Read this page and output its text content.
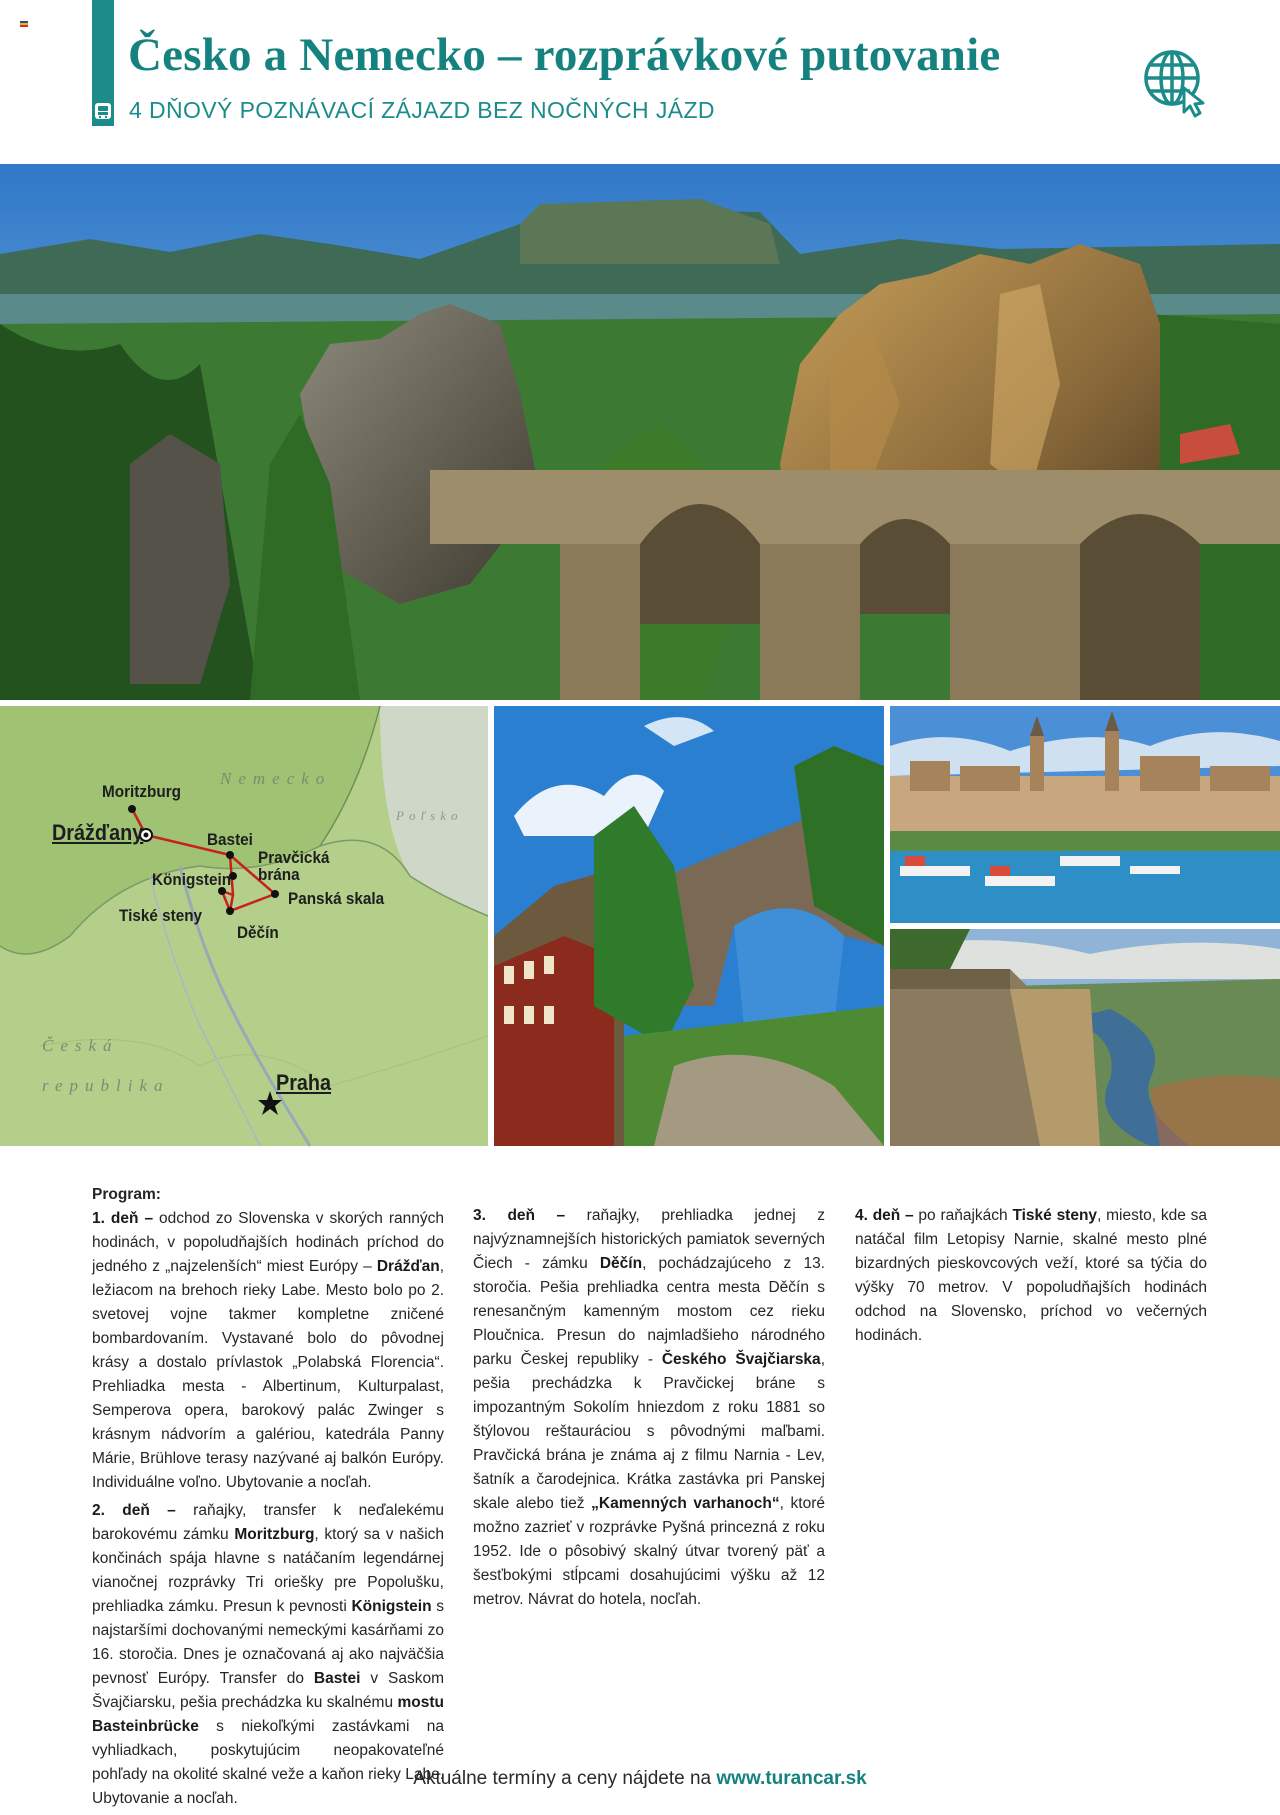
Česko a Nemecko – rozprávkové putovanie
4 DŇOVÝ POZNÁVACÍ ZÁJAZD BEZ NOČNÝCH JÁZD
Moritzburg
Drážďany	Bastei
Pravčická
brána
Königstein
Panská skala
Tiské steny
Děčín
Praha
Nemecko
Poľsko
Česká
republika
Program:

1. deň – odchod zo Slovenska v skorých ranných hodinách, v popoludňajších hodinách príchod do jedného z „najzelenších“ miest Európy – Drážďan, ležiacom na brehoch rieky Labe. Mesto bolo po 2. svetovej vojne takmer kompletne zničené bombardovaním. Vystavané bolo do pôvodnej krásy a dostalo prívlastok „Polabská Florencia“. Prehliadka mesta - Albertinum, Kulturpalast, Semperova opera, barokový palác Zwinger s krásnym nádvorím a galériou, katedrála Panny Márie, Brühlove terasy nazývané aj balkón Európy. Individuálne voľno. Ubytovanie a nocľah.

2. deň – raňajky, transfer k neďalekému barokovému zámku Moritzburg, ktorý sa v našich končinách spája hlavne s natáčaním legendárnej vianočnej rozprávky Tri oriešky pre Popolušku, prehliadka zámku. Presun k pevnosti Königstein s najstaršími dochovanými nemeckými kasárňami zo 16. storočia. Dnes je označovaná aj ako najväčšia pevnosť Európy. Transfer do Bastei v Saskom Švajčiarsku, pešia prechádzka ku skalnému mostu Basteinbrücke s niekoľkými zastávkami na vyhliadkach, poskytujúcim neopakovateľné pohľady na okolité skalné veže a kaňon rieky Labe. Ubytovanie a nocľah.

3. deň – raňajky, prehliadka jednej z najvýznamnejších historických pamiatok severných Čiech - zámku Děčín, pochádzajúceho z 13. storočia. Pešia prehliadka centra mesta Děčín s renesančným kamenným mostom cez rieku Ploučnica. Presun do najmladšieho národného parku Českej republiky - Českého Švajčiarska, pešia prechádzka k Pravčickej bráne s impozantným Sokolím hniezdom z roku 1881 so štýlovou reštauráciou s pôvodnými maľbami. Pravčická brána je známa aj z filmu Narnia - Lev, šatník a čarodejnica. Krátka zastávka pri Panskej skale alebo tiež „Kamenných varhanoch“, ktoré možno zazrieť v rozprávke Pyšná princezná z roku 1952. Ide o pôsobivý skalný útvar tvorený päť a šesťbokými stĺpcami dosahujúcimi výšku až 12 metrov. Návrat do hotela, nocľah.

4. deň – po raňajkách Tiské steny, miesto, kde sa natáčal film Letopisy Narnie, skalné mesto plné bizardných pieskovcových veží, ktoré sa týčia do výšky 70 metrov. V popoludňajších hodinách odchod na Slovensko, príchod vo večerných hodinách.

Aktuálne termíny a ceny nájdete na www.turancar.sk
